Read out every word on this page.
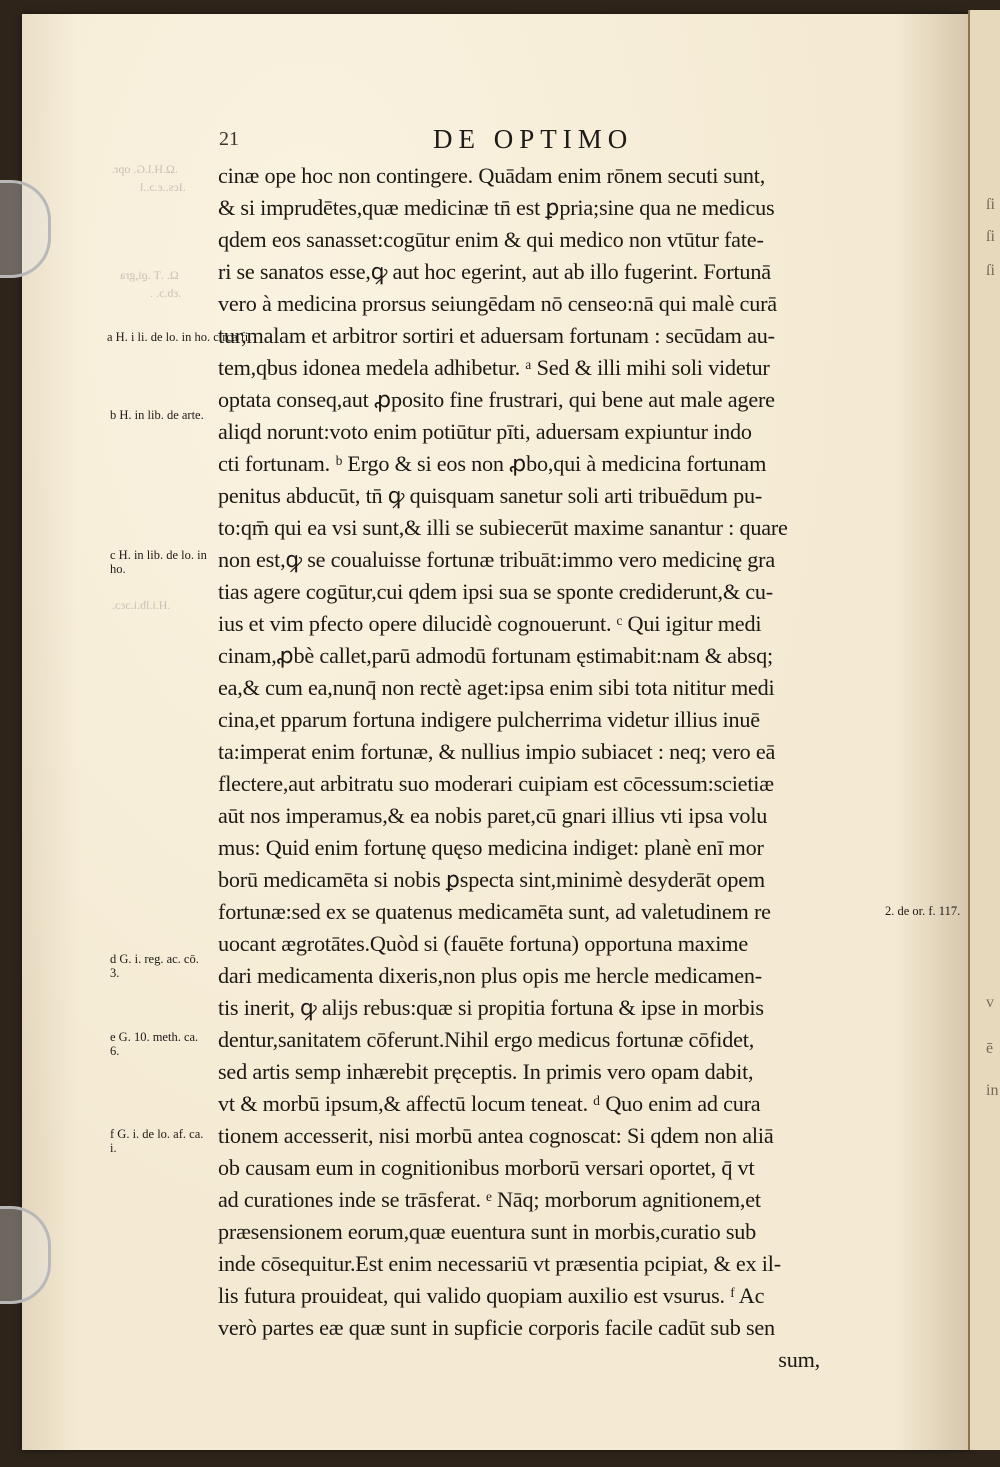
.Ω.H.l.G. opr.
.Ιcs..ε.ɔ..l
Ω. .T .ϱi,gra
.εb.ɔ. .
.H.i.lb.i.ɔεɔ.
21	DE OPTIMO
a H. i li. de lo. in ho. circa fi.
b H. in lib. de arte.
c H. in lib. de lo. in ho.
d G. i. reg. ac. cō. 3.
e G. 10. meth. ca. 6.
f G. i. de lo. af. ca. i.
2. de or. f. 117.
cinæ ope hoc non contingere. Quādam enim rōnem secuti sunt,
& si imprudētes,quæ medicinæ tn̄ est ꝑpria;sine qua ne medicus
qdem eos sanasset:cogūtur enim & qui medico non vtūtur fate-
ri se sanatos esse,ꝙ aut hoc egerint, aut ab illo fugerint. Fortunā
vero à medicina prorsus seiungēdam nō censeo:nā qui malè curā
tur,malam et arbitror sortiri et aduersam fortunam : secūdam au-
tem,qbus idonea medela adhibetur. ᵃ Sed & illi mihi soli videtur
optata conseq,aut ꝓposito fine frustrari, qui bene aut male agere
aliqd norunt:voto enim potiūtur pīti, aduersam expiuntur indo
cti fortunam. ᵇ Ergo & si eos non ꝓbo,qui à medicina fortunam
penitus abducūt, tn̄ ꝙ quisquam sanetur soli arti tribuēdum pu-
to:qm̄ qui ea vsi sunt,& illi se subiecerūt maxime sanantur : quare
non est,ꝙ se coualuisse fortunæ tribuāt:immo vero medicinę gra
tias agere cogūtur,cui qdem ipsi sua se sponte crediderunt,& cu-
ius et vim pfecto opere dilucidè cognouerunt. ᶜ Qui igitur medi
cinam,ꝓbè callet,parū admodū fortunam ęstimabit:nam & absq;
ea,& cum ea,nunq̄ non rectè aget:ipsa enim sibi tota nititur medi
cina,et pparum fortuna indigere pulcherrima videtur illius inuē
ta:imperat enim fortunæ, & nullius impio subiacet : neq; vero eā
flectere,aut arbitratu suo moderari cuipiam est cōcessum:scietiæ
aūt nos imperamus,& ea nobis paret,cū gnari illius vti ipsa volu
mus: Quid enim fortunę quęso medicina indiget: planè enī mor
borū medicamēta si nobis ꝑspecta sint,minimè desyderāt opem
fortunæ:sed ex se quatenus medicamēta sunt, ad valetudinem re
uocant ægrotātes.Quòd si (fauēte fortuna) opportuna maxime
dari medicamenta dixeris,non plus opis me hercle medicamen-
tis inerit, ꝙ alijs rebus:quæ si propitia fortuna & ipse in morbis
dentur,sanitatem cōferunt.Nihil ergo medicus fortunæ cōfidet,
sed artis semp inhærebit pręceptis. In primis vero opam dabit,
vt & morbū ipsum,& affectū locum teneat. ᵈ Quo enim ad cura
tionem accesserit, nisi morbū antea cognoscat: Si qdem non aliā
ob causam eum in cognitionibus morborū versari oportet, q̄ vt
ad curationes inde se trāsferat. ᵉ Nāq; morborum agnitionem,et
præsensionem eorum,quæ euentura sunt in morbis,curatio sub
inde cōsequitur.Est enim necessariū vt præsentia pcipiat, & ex il-
lis futura prouideat, qui valido quopiam auxilio est vsurus. ᶠ Ac
verò partes eæ quæ sunt in supficie corporis facile cadūt sub sen
sum,
ſi
ſi
ſi
v
ē
in
